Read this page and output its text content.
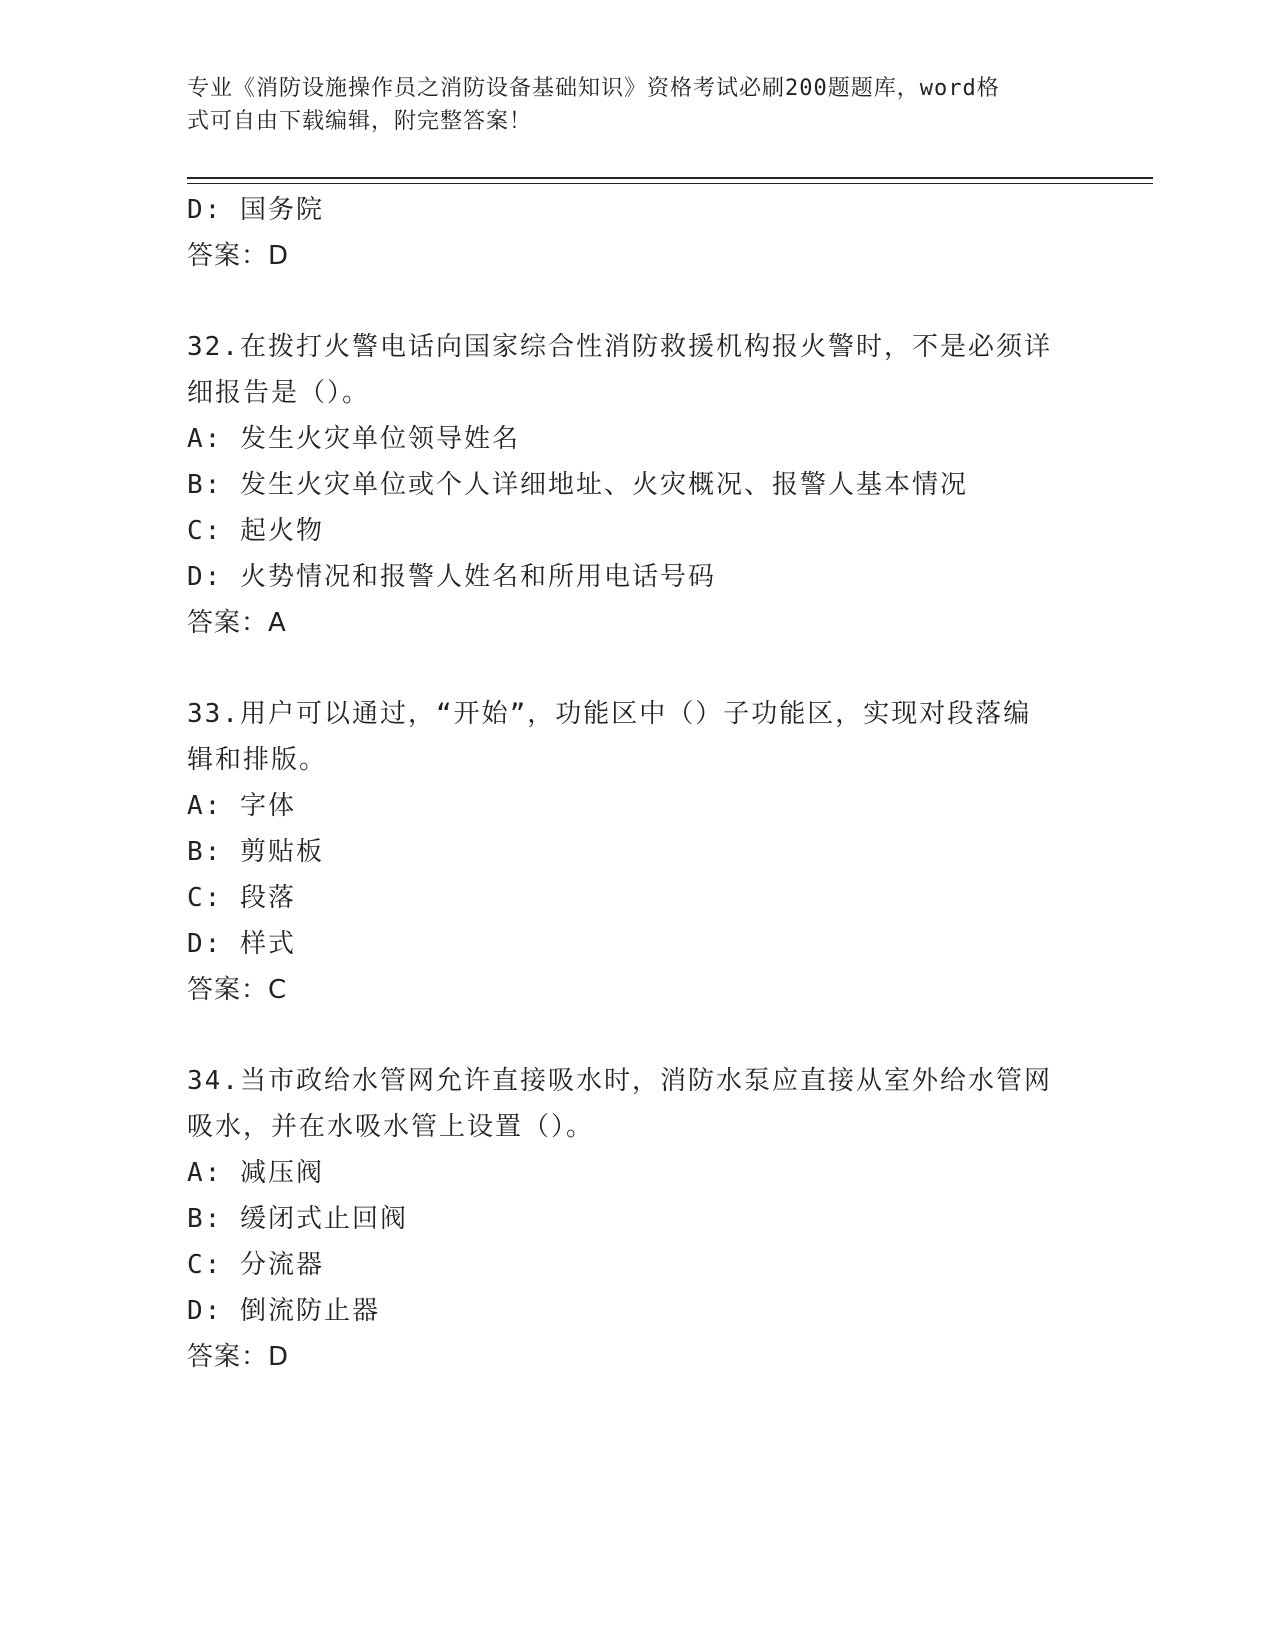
专业《消防设施操作员之消防设备基础知识》资格考试必刷200题题库，word格
式可自由下载编辑，附完整答案！
D: 国务院
答案：D
32.在拨打火警电话向国家综合性消防救援机构报火警时，不是必须详
细报告是（）。
A: 发生火灾单位领导姓名
B: 发生火灾单位或个人详细地址、火灾概况、报警人基本情况
C: 起火物
D: 火势情况和报警人姓名和所用电话号码
答案：A
33.用户可以通过，“开始”，功能区中（）子功能区，实现对段落编
辑和排版。
A: 字体
B: 剪贴板
C: 段落
D: 样式
答案：C
34.当市政给水管网允许直接吸水时，消防水泵应直接从室外给水管网
吸水，并在水吸水管上设置（）。
A: 减压阀
B: 缓闭式止回阀
C: 分流器
D: 倒流防止器
答案：D
